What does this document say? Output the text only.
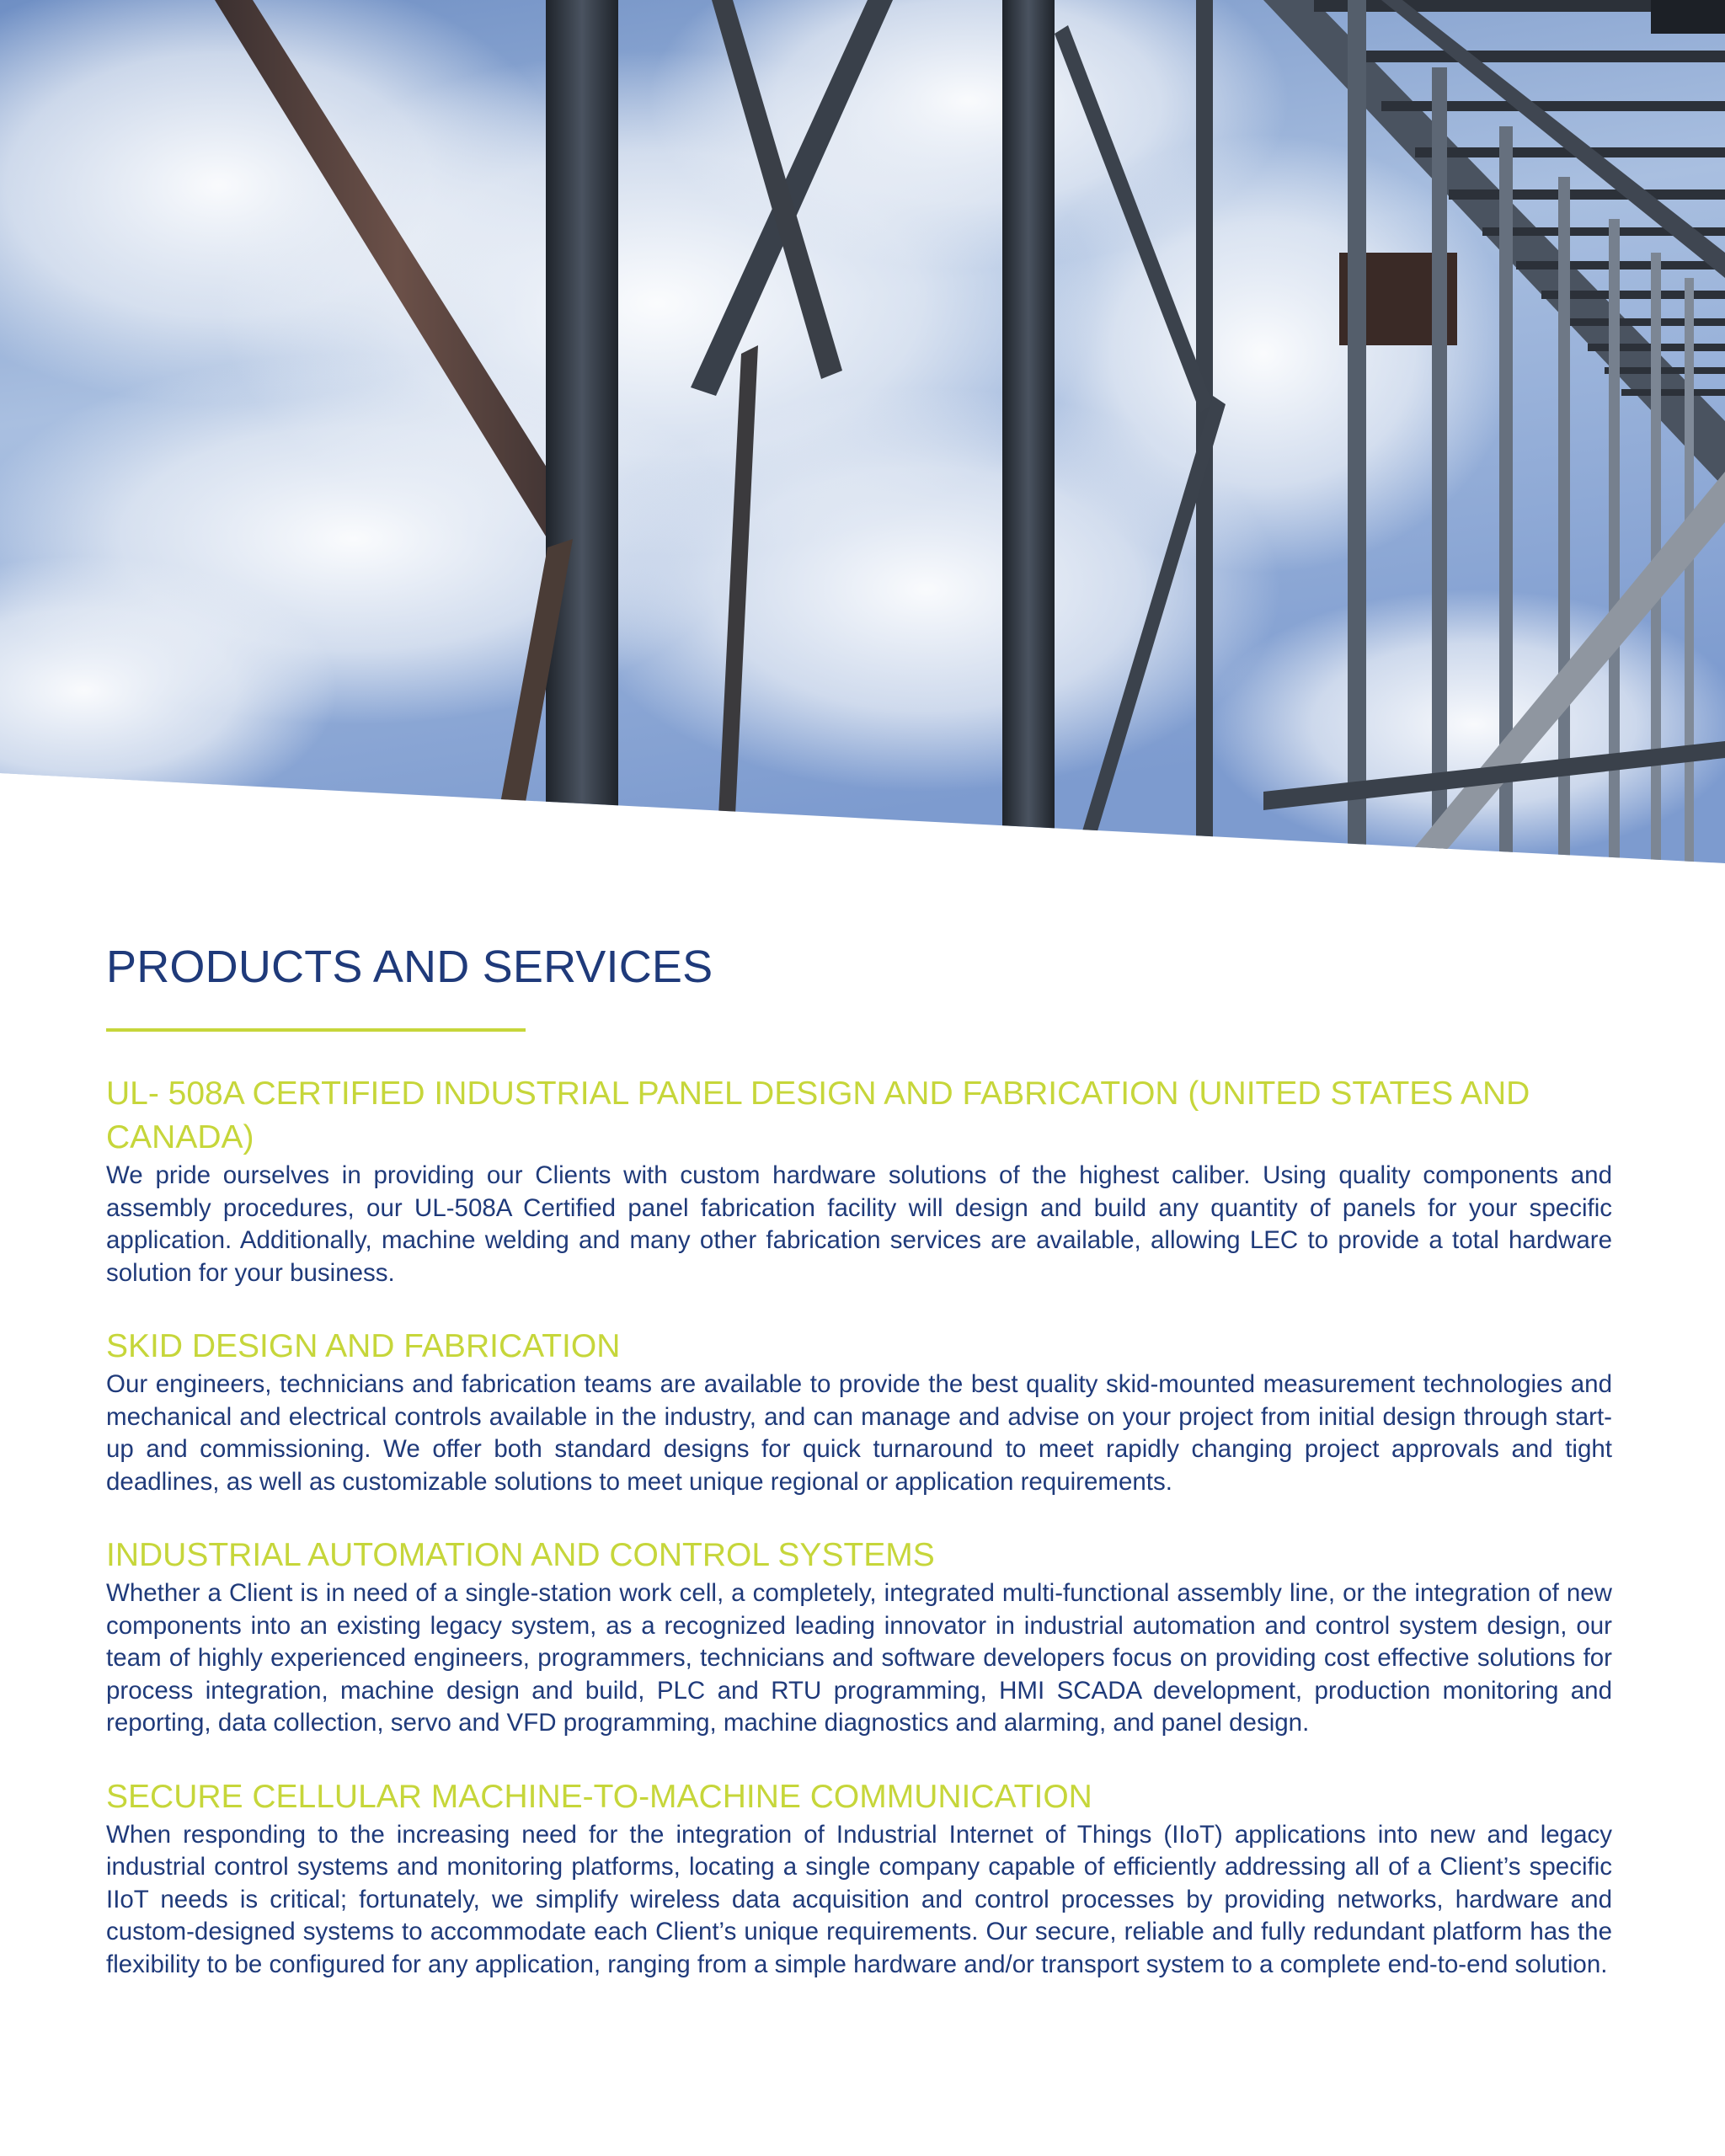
PRODUCTS AND SERVICES
UL- 508A CERTIFIED INDUSTRIAL PANEL DESIGN AND FABRICATION (UNITED STATES AND CANADA)

We pride ourselves in providing our Clients with custom hardware solutions of the highest caliber. Using quality components and assembly procedures, our UL-508A Certified panel fabrication facility will design and build any quantity of panels for your specific application. Additionally, machine welding and many other fabrication services are available, allowing LEC to provide a total hardware solution for your business.

SKID DESIGN AND FABRICATION

Our engineers, technicians and fabrication teams are available to provide the best quality skid-mounted measurement technologies and mechanical and electrical controls available in the industry, and can manage and advise on your project from initial design through start-up and commissioning. We offer both standard designs for quick turnaround to meet rapidly changing project approvals and tight deadlines, as well as customizable solutions to meet unique regional or application requirements.

INDUSTRIAL AUTOMATION AND CONTROL SYSTEMS

Whether a Client is in need of a single-station work cell, a completely, integrated multi-functional assembly line, or the integration of new components into an existing legacy system, as a recognized leading innovator in industrial automation and control system design, our team of highly experienced engineers, programmers, technicians and software developers focus on providing cost effective solutions for process integration, machine design and build, PLC and RTU programming, HMI SCADA development, production monitoring and reporting, data collection, servo and VFD programming, machine diagnostics and alarming, and panel design.

SECURE CELLULAR MACHINE-TO-MACHINE COMMUNICATION

When responding to the increasing need for the integration of Industrial Internet of Things (IIoT) applications into new and legacy industrial control systems and monitoring platforms, locating a single company capable of efficiently addressing all of a Client’s specific IIoT needs is critical; fortunately, we simplify wireless data acquisition and control processes by providing networks, hardware and custom-designed systems to accommodate each Client’s unique requirements. Our secure, reliable and fully redundant platform has the flexibility to be configured for any application, ranging from a simple hardware and/or transport system to a complete end-to-end solution.
